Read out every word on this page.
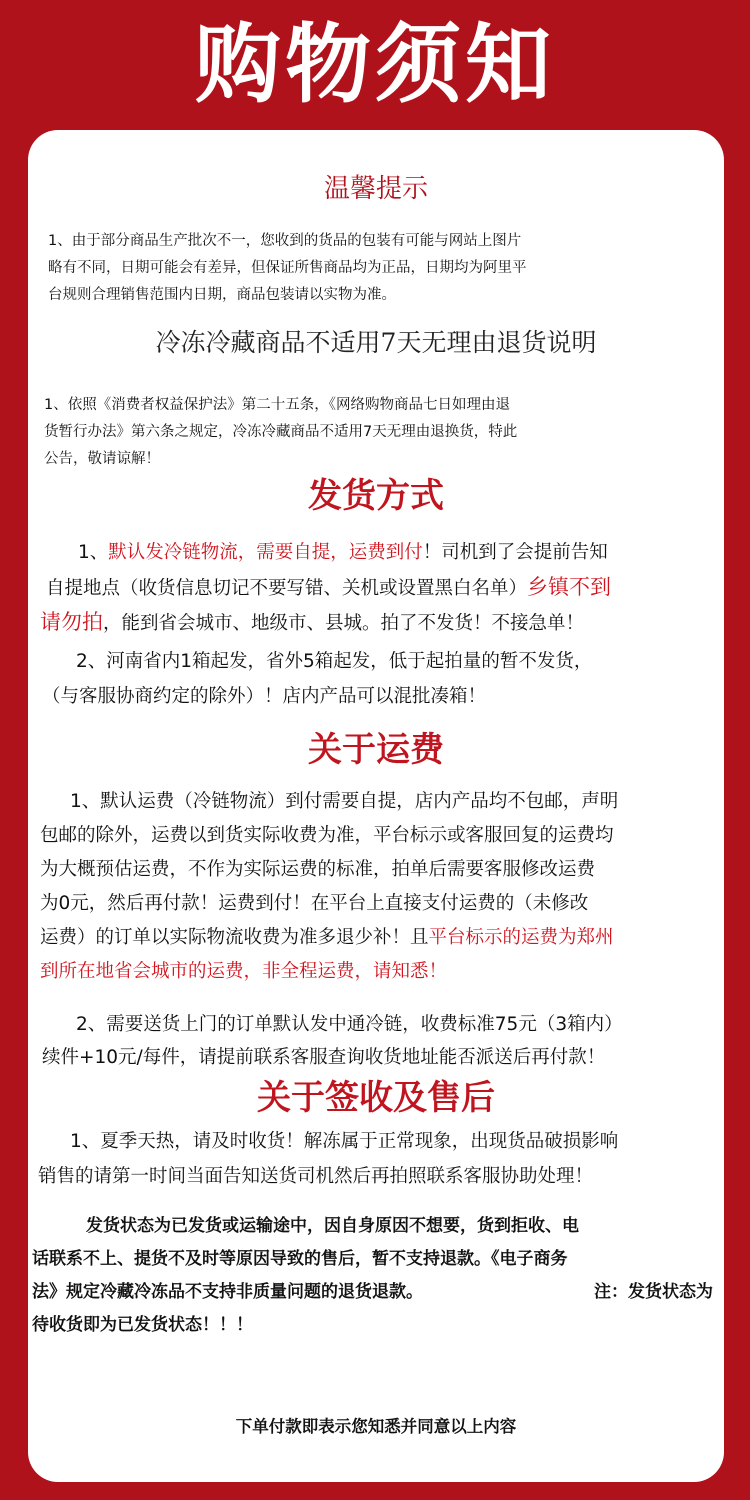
购物须知
温馨提示
1、由于部分商品生产批次不一，您收到的货品的包装有可能与网站上图片
略有不同，日期可能会有差异，但保证所售商品均为正品，日期均为阿里平
台规则合理销售范围内日期，商品包装请以实物为准。
冷冻冷藏商品不适用7天无理由退货说明
1、依照《消费者权益保护法》第二十五条，《网络购物商品七日如理由退
货暂行办法》第六条之规定，冷冻冷藏商品不适用7天无理由退换货，特此
公告，敬请谅解！
发货方式
1、默认发冷链物流，需要自提，运费到付！司机到了会提前告知
自提地点（收货信息切记不要写错、关机或设置黑白名单）乡镇不到
请勿拍，能到省会城市、地级市、县城。拍了不发货！不接急单！
2、河南省内1箱起发，省外5箱起发，低于起拍量的暂不发货，
（与客服协商约定的除外）！店内产品可以混批凑箱！
关于运费
1、默认运费（冷链物流）到付需要自提，店内产品均不包邮，声明
包邮的除外，运费以到货实际收费为准，平台标示或客服回复的运费均
为大概预估运费，不作为实际运费的标准，拍单后需要客服修改运费
为0元，然后再付款！运费到付！在平台上直接支付运费的（未修改
运费）的订单以实际物流收费为准多退少补！且平台标示的运费为郑州
到所在地省会城市的运费，非全程运费，请知悉！
2、需要送货上门的订单默认发中通冷链，收费标准75元（3箱内）
续件+10元/每件，请提前联系客服查询收货地址能否派送后再付款！
关于签收及售后
1、夏季天热，请及时收货！解冻属于正常现象，出现货品破损影响
销售的请第一时间当面告知送货司机然后再拍照联系客服协助处理！
发货状态为已发货或运输途中，因自身原因不想要，货到拒收、电
话联系不上、提货不及时等原因导致的售后，暂不支持退款。《电子商务
法》规定冷藏冷冻品不支持非质量问题的退货退款。	注：发货状态为
待收货即为已发货状态！！！
下单付款即表示您知悉并同意以上内容
